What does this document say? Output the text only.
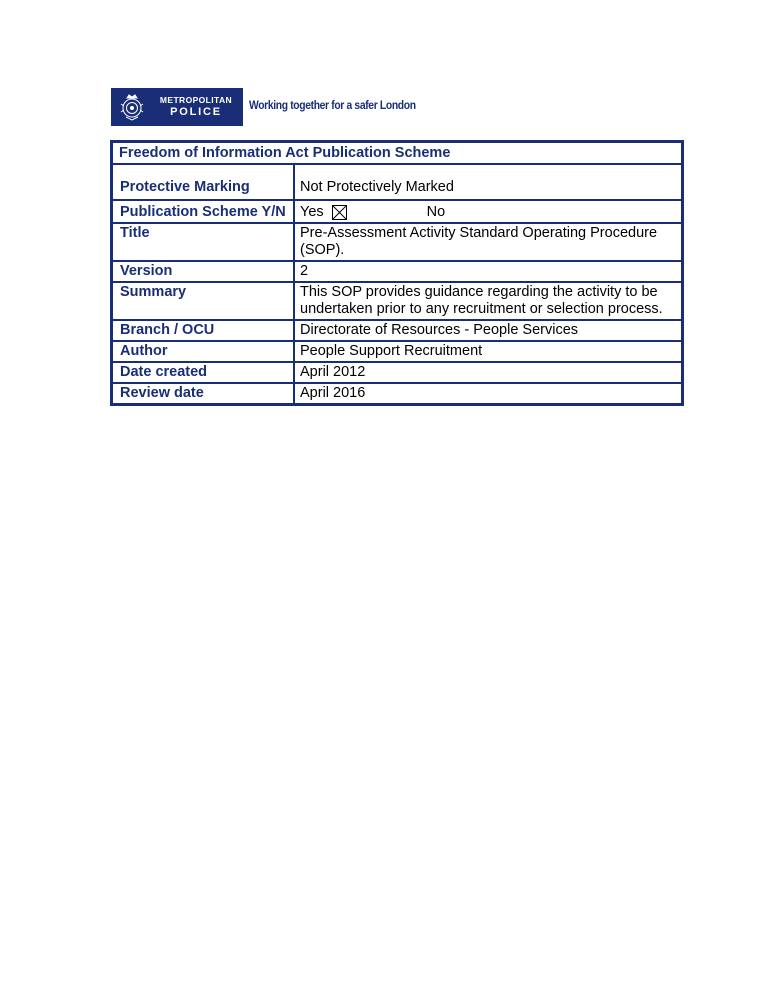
METROPOLITAN
POLICE
Working together for a safer London
Freedom of Information Act Publication Scheme
Protective Marking	Not Protectively Marked
Publication Scheme Y/N Yes	No
Title	Pre-Assessment Activity Standard Operating Procedure (SOP).
Version	2
Summary	This SOP provides guidance regarding the activity to be undertaken prior to any recruitment or selection process.
Branch / OCU	Directorate of Resources - People Services
Author	People Support Recruitment
Date created	April 2012
Review date	April 2016
